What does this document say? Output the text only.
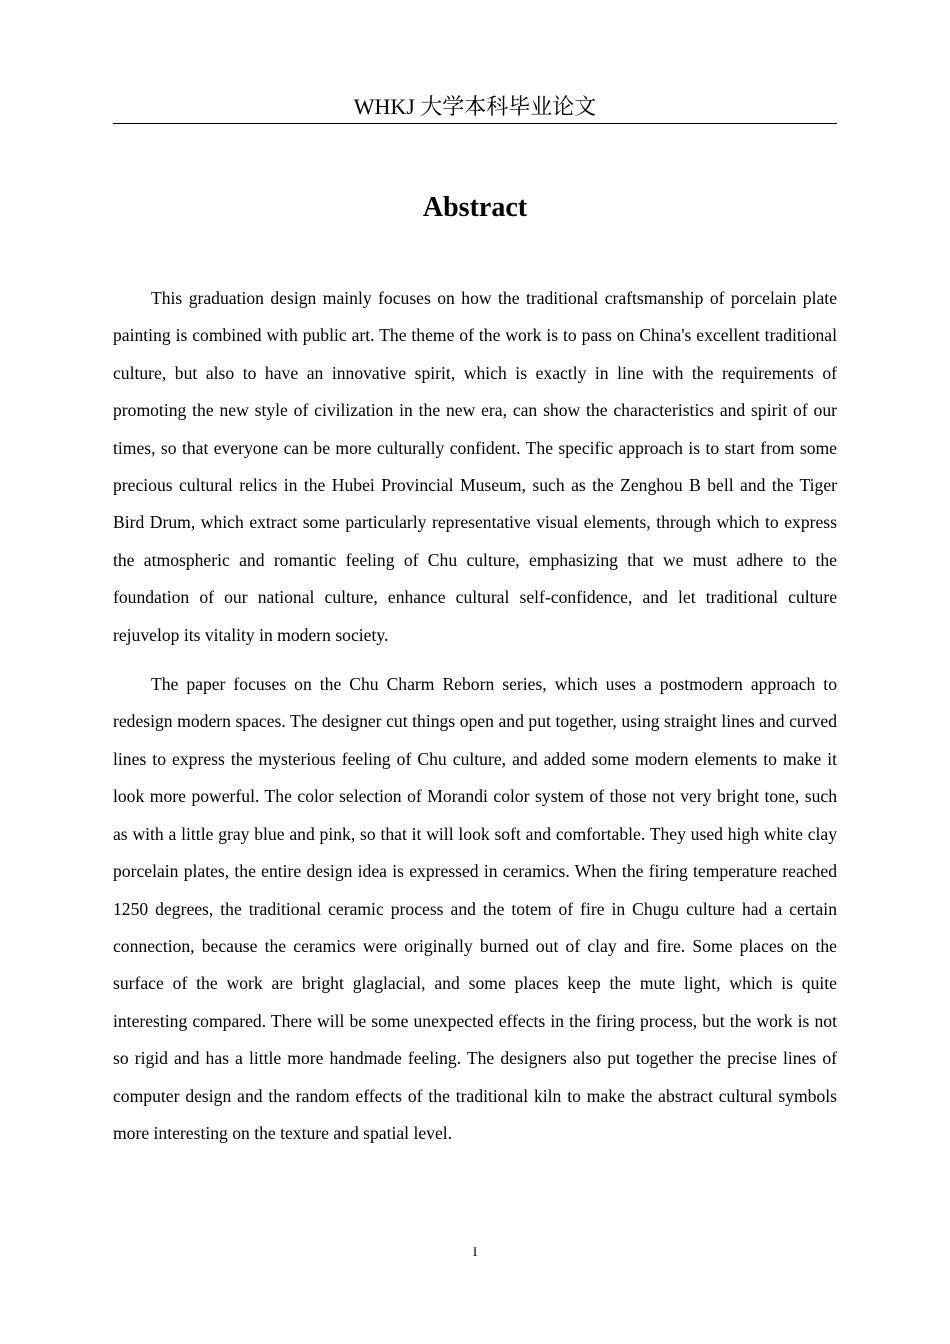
WHKJ 大学本科毕业论文
Abstract

This graduation design mainly focuses on how the traditional craftsmanship of porcelain plate painting is combined with public art. The theme of the work is to pass on China's excellent traditional culture, but also to have an innovative spirit, which is exactly in line with the requirements of promoting the new style of civilization in the new era, can show the characteristics and spirit of our times, so that everyone can be more culturally confident. The specific approach is to start from some precious cultural relics in the Hubei Provincial Museum, such as the Zenghou B bell and the Tiger Bird Drum, which extract some particularly representative visual elements, through which to express the atmospheric and romantic feeling of Chu culture, emphasizing that we must adhere to the foundation of our national culture, enhance cultural self-confidence, and let traditional culture rejuvelop its vitality in modern society.

The paper focuses on the Chu Charm Reborn series, which uses a postmodern approach to redesign modern spaces. The designer cut things open and put together, using straight lines and curved lines to express the mysterious feeling of Chu culture, and added some modern elements to make it look more powerful. The color selection of Morandi color system of those not very bright tone, such as with a little gray blue and pink, so that it will look soft and comfortable. They used high white clay porcelain plates, the entire design idea is expressed in ceramics. When the firing temperature reached 1250 degrees, the traditional ceramic process and the totem of fire in Chugu culture had a certain connection, because the ceramics were originally burned out of clay and fire. Some places on the surface of the work are bright glaglacial, and some places keep the mute light, which is quite interesting compared. There will be some unexpected effects in the firing process, but the work is not so rigid and has a little more handmade feeling. The designers also put together the precise lines of computer design and the random effects of the traditional kiln to make the abstract cultural symbols more interesting on the texture and spatial level.

I
